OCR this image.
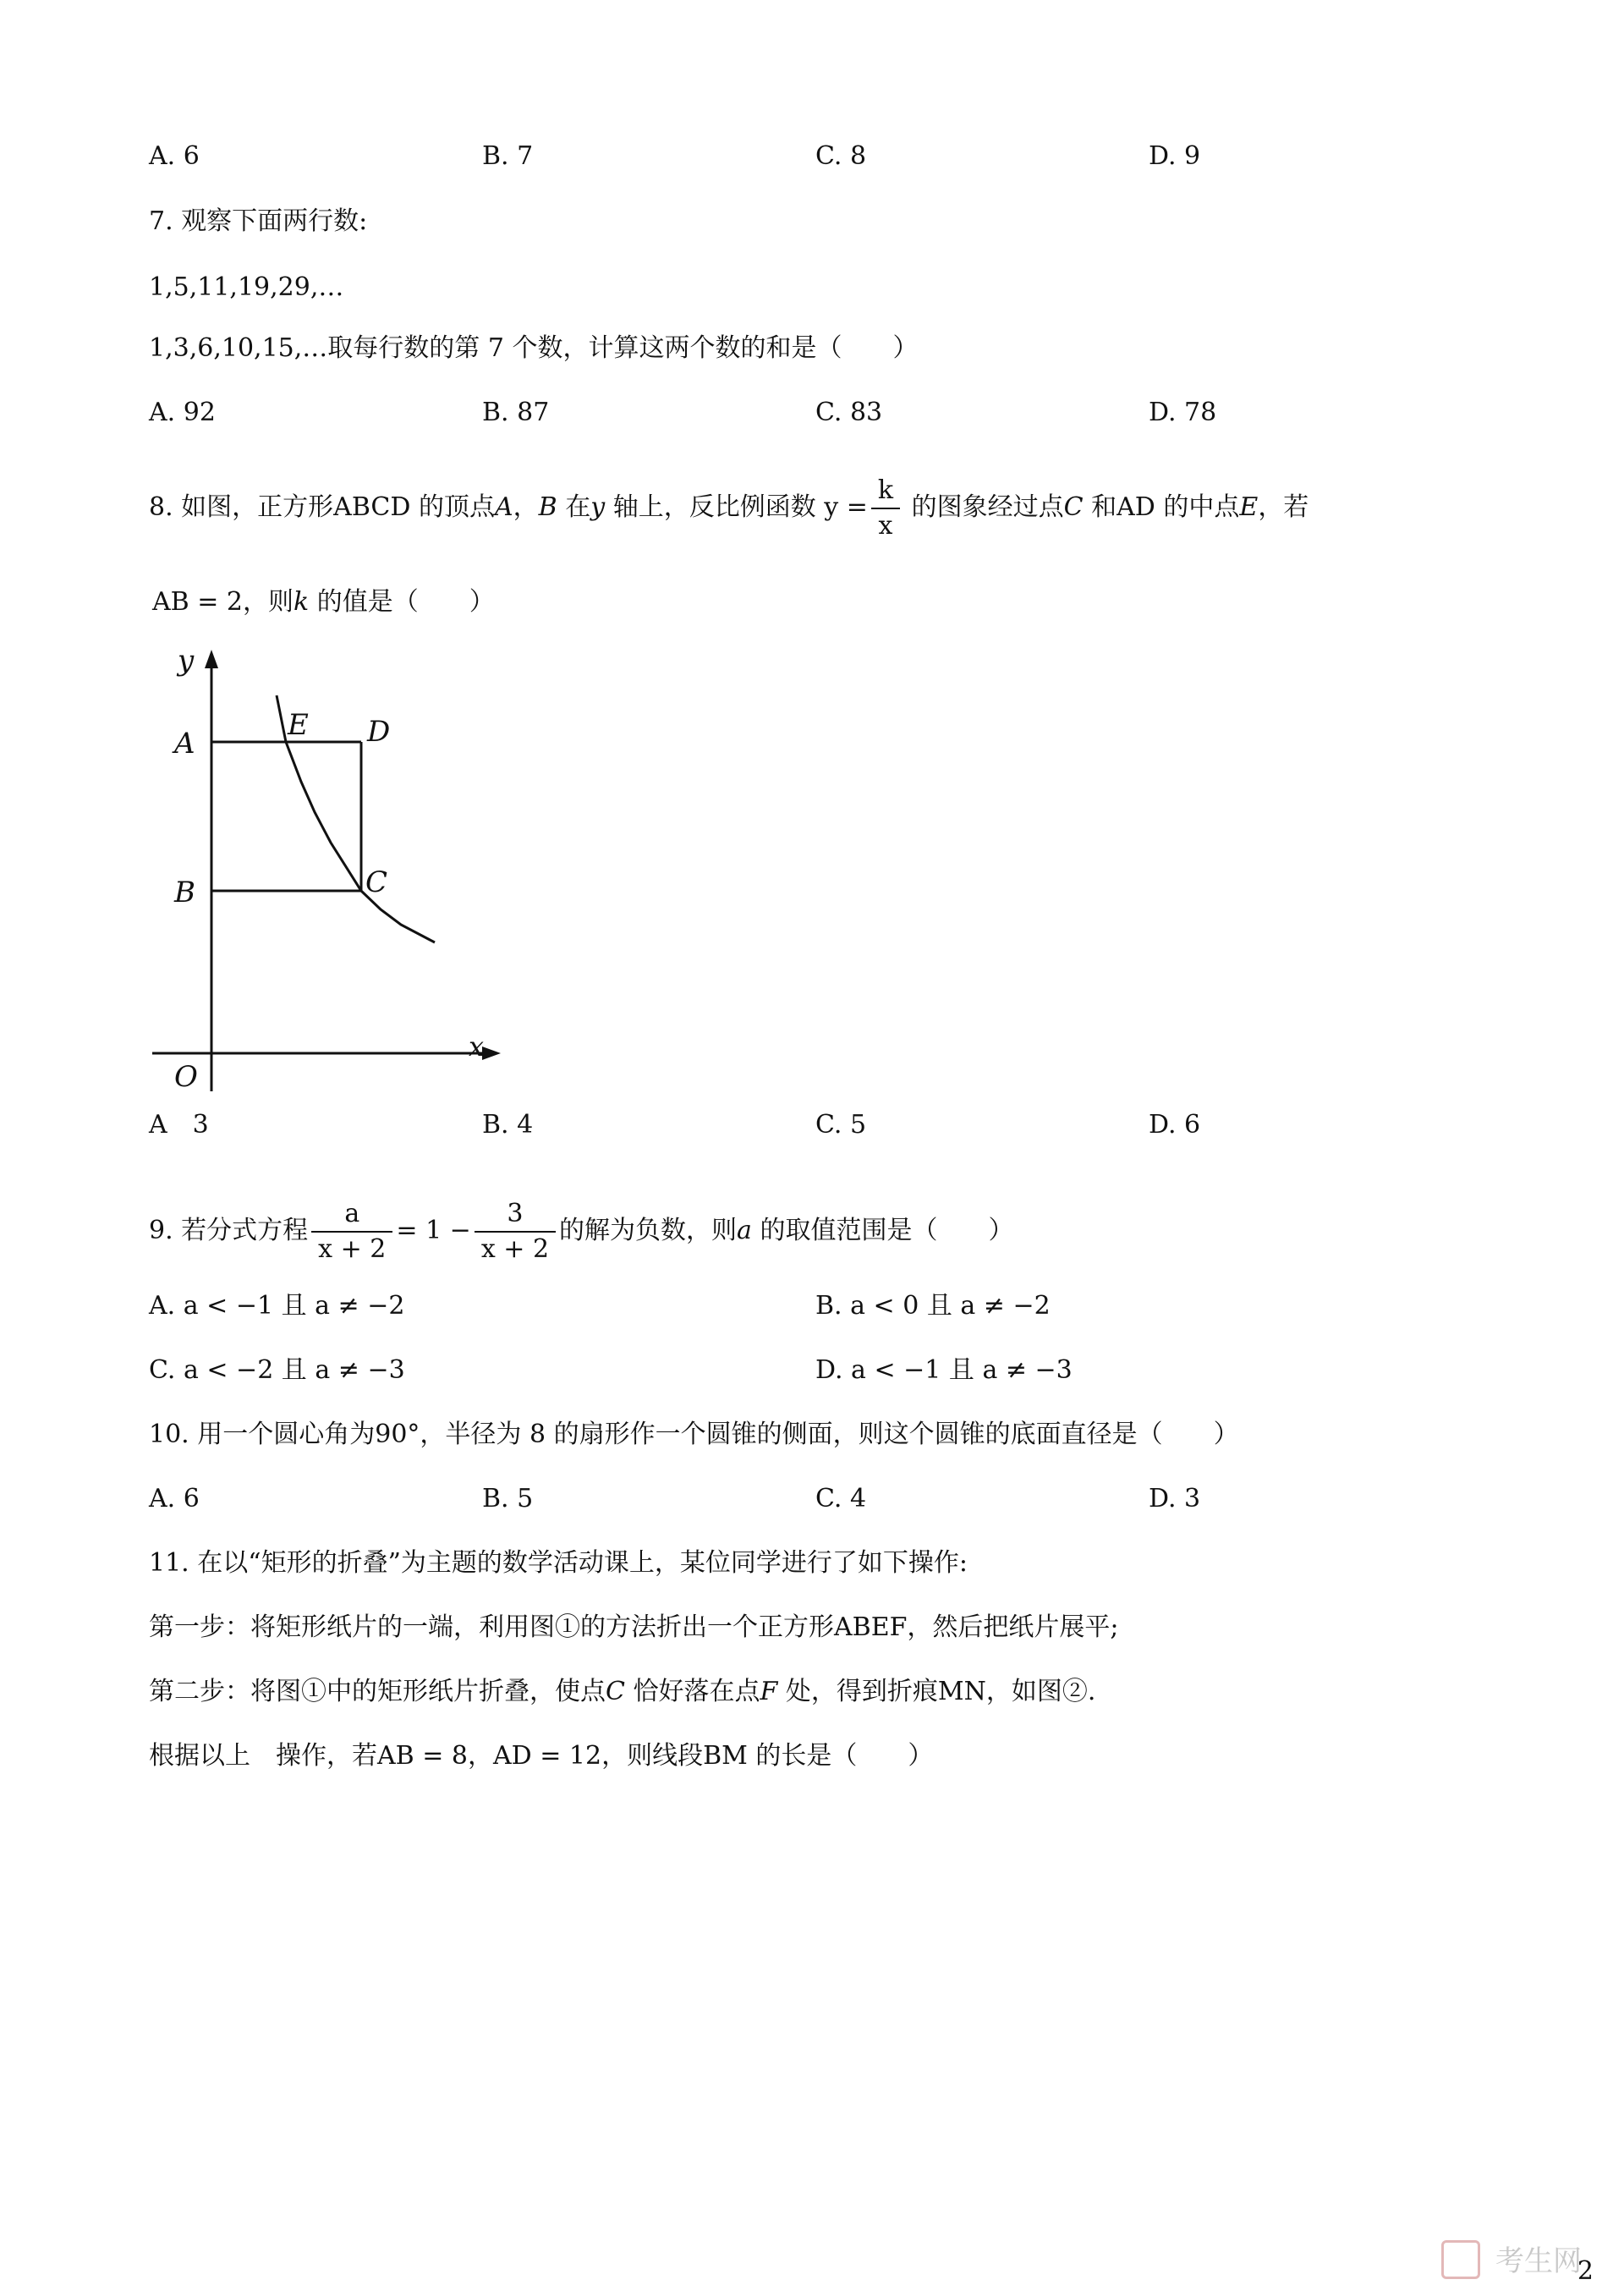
A. 6	B. 7	C. 8	D. 9
7. 观察下面两行数:
1,5,11,19,29,…
1,3,6,10,15,…取每行数的第 7 个数，计算这两个数的和是（　　）
A. 92	B. 87	C. 83	D. 78
8. 如图，正方形ABCD 的顶点A，B 在y 轴上，反比例函数 $y = \frac{k}{x}$ 的图象经过点C 和AD 的中点E，若
AB = 2，则k 的值是（　　）
y
x
O
A
B	C
D
E
A　3	B. 4	C. 5	D. 6
9. 若分式方程 $\frac{a}{x + 2} = 1 - \frac{3}{x + 2}$ 的解为负数，则a 的取值范围是（　　）
A. a < −1 且 a ≠ −2	B. a < 0 且 a ≠ −2
C. a < −2 且 a ≠ −3	D. a < −1 且 a ≠ −3
10. 用一个圆心角为90°，半径为 8 的扇形作一个圆锥的侧面，则这个圆锥的底面直径是（　　）
A. 6	B. 5	C. 4	D. 3
11. 在以“矩形的折叠”为主题的数学活动课上，某位同学进行了如下操作:
第一步：将矩形纸片的一端，利用图①的方法折出一个正方形ABEF，然后把纸片展平;
第二步：将图①中的矩形纸片折叠，使点C 恰好落在点F 处，得到折痕MN，如图②.
根据以上　操作，若AB = 8，AD = 12，则线段BM 的长是（　　）
考生网
2
